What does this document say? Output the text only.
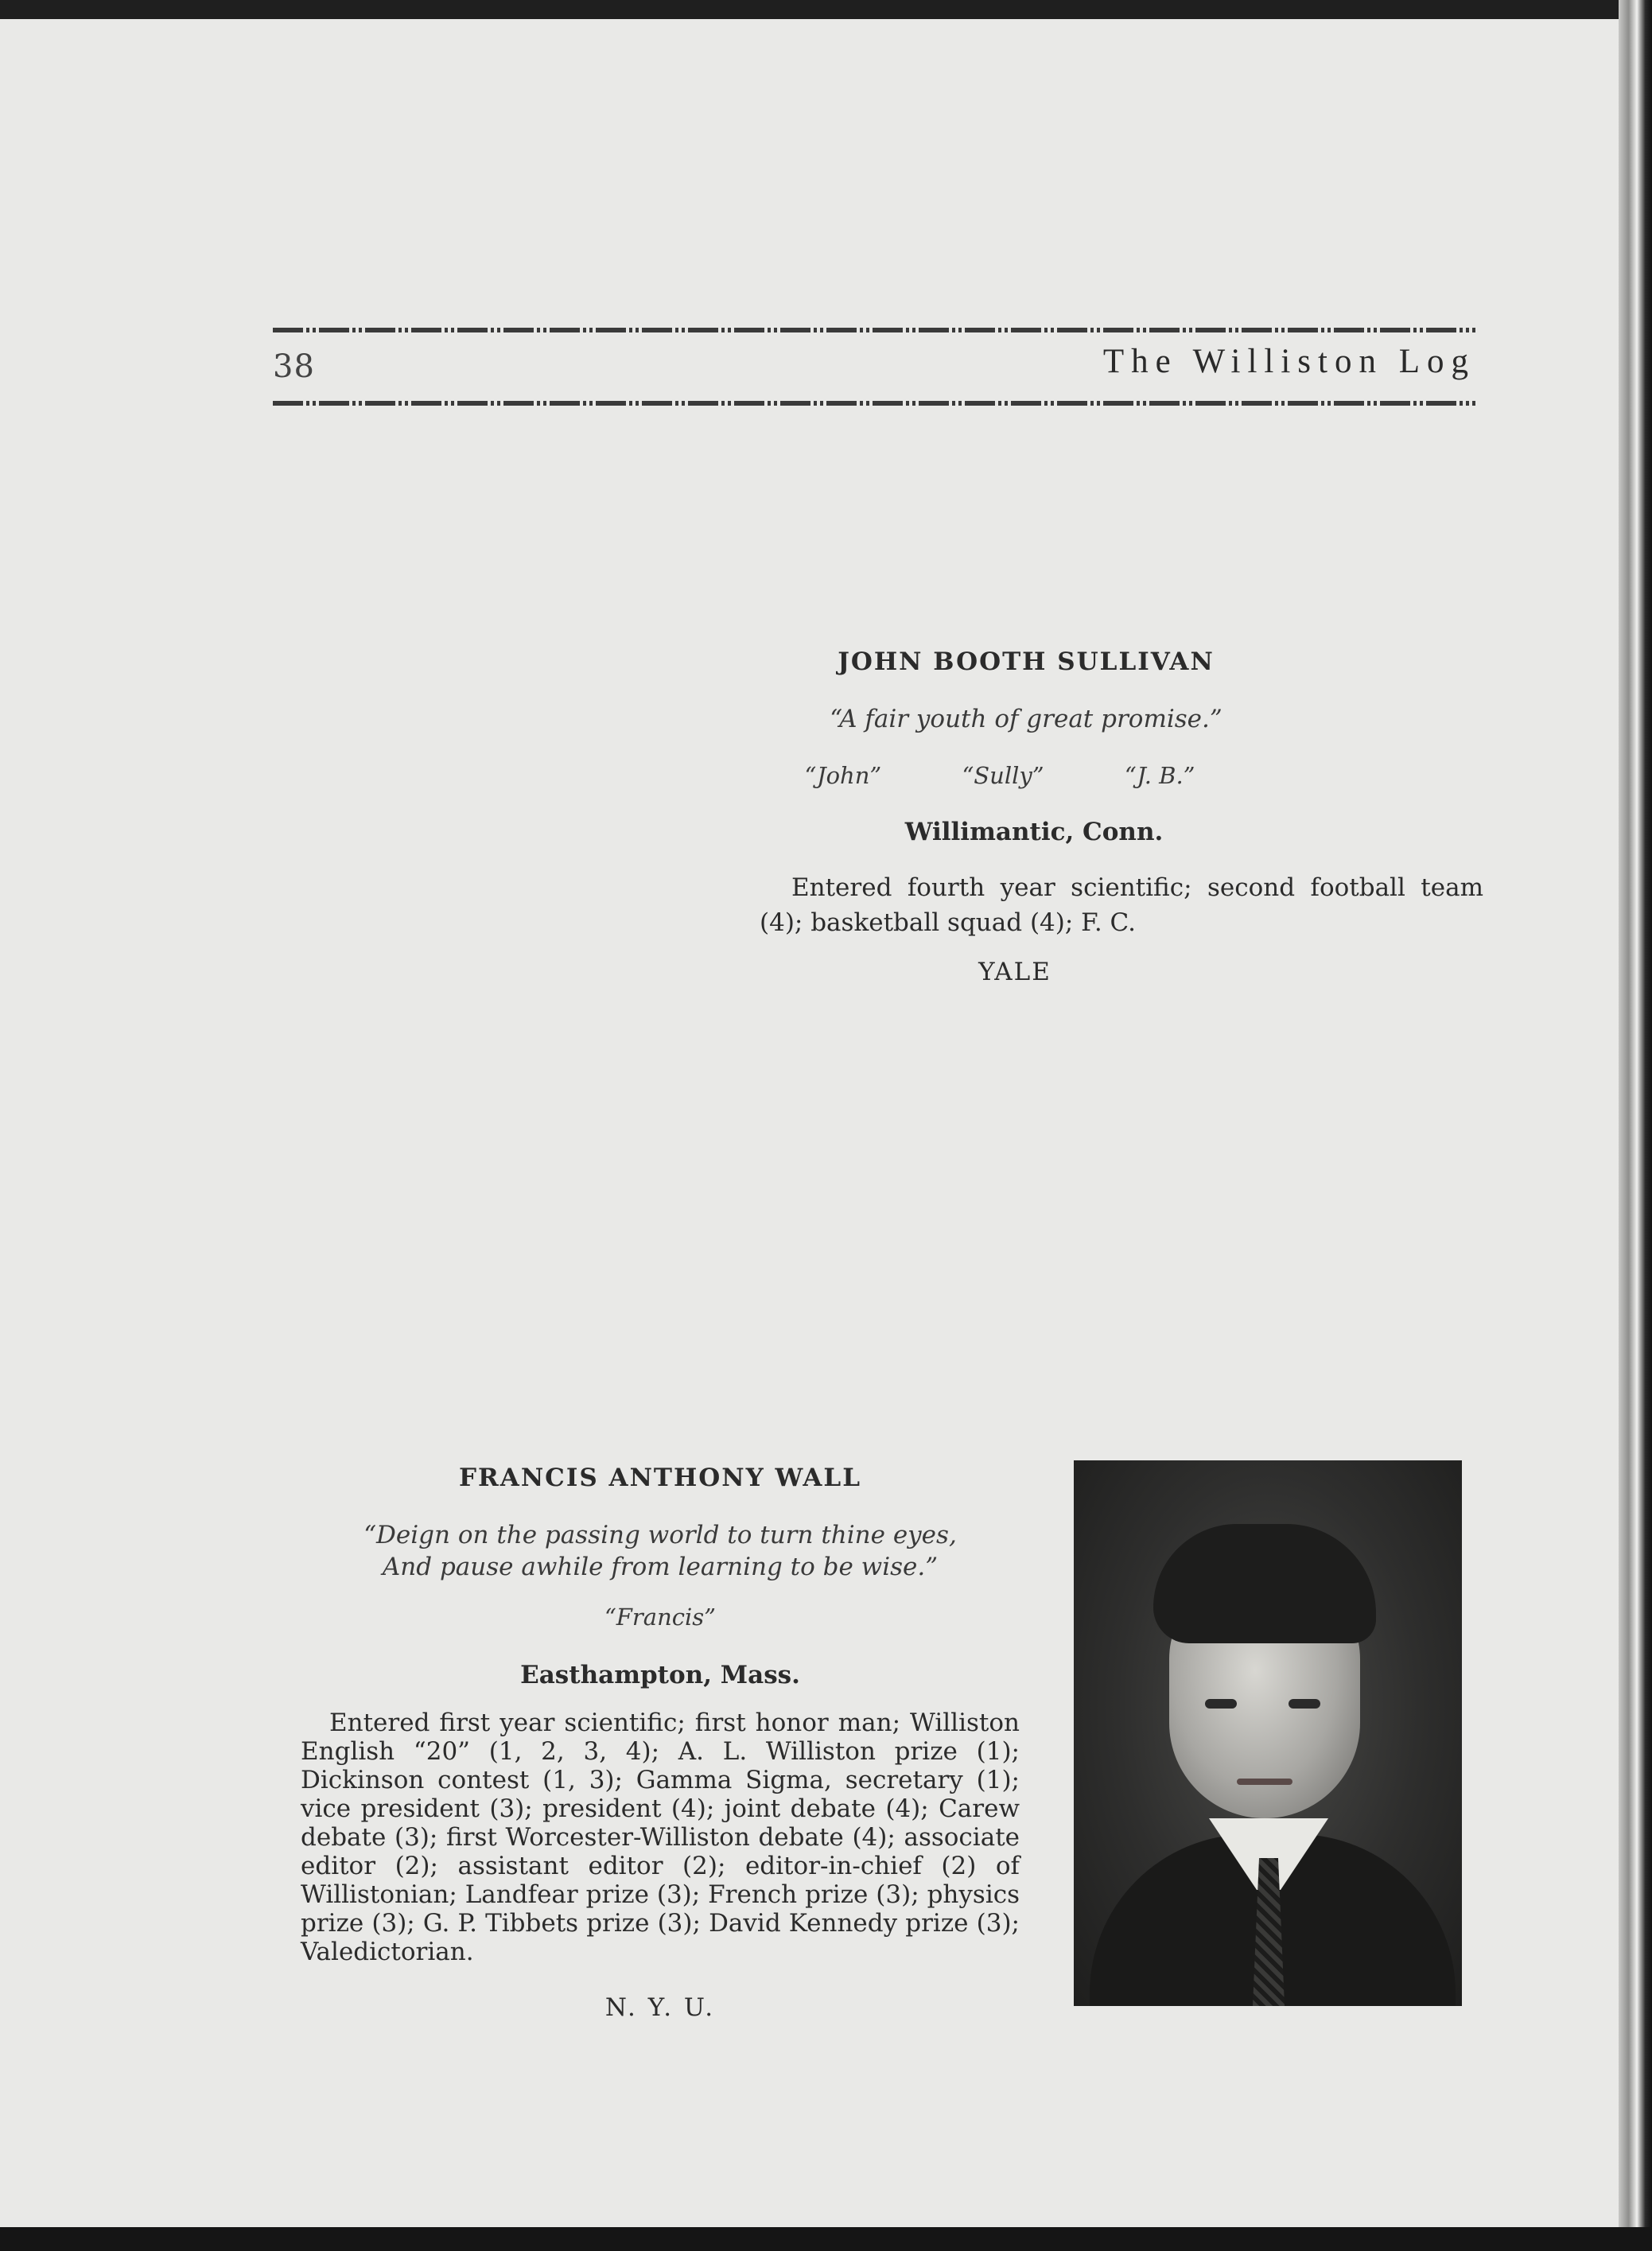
38	The Williston Log
JOHN BOOTH SULLIVAN
“A fair youth of great promise.”
“John”	“Sully”	“J. B.”
Willimantic, Conn.
Entered fourth year scientific; second football team (4); basketball squad (4); F. C.
YALE
FRANCIS ANTHONY WALL
“Deign on the passing world to turn thine eyes,
And pause awhile from learning to be wise.”
“Francis”
Easthampton, Mass.
Entered first year scientific; first honor man; Williston English “20” (1, 2, 3, 4); A. L. Williston prize (1); Dickinson contest (1, 3); Gamma Sigma, secretary (1); vice president (3); president (4); joint debate (4); Carew debate (3); first Worcester-Williston debate (4); associate editor (2); assistant editor (2); editor-in-chief (2) of Willistonian; Landfear prize (3); French prize (3); physics prize (3); G. P. Tibbets prize (3); David Kennedy prize (3); Valedictorian.
N. Y. U.
